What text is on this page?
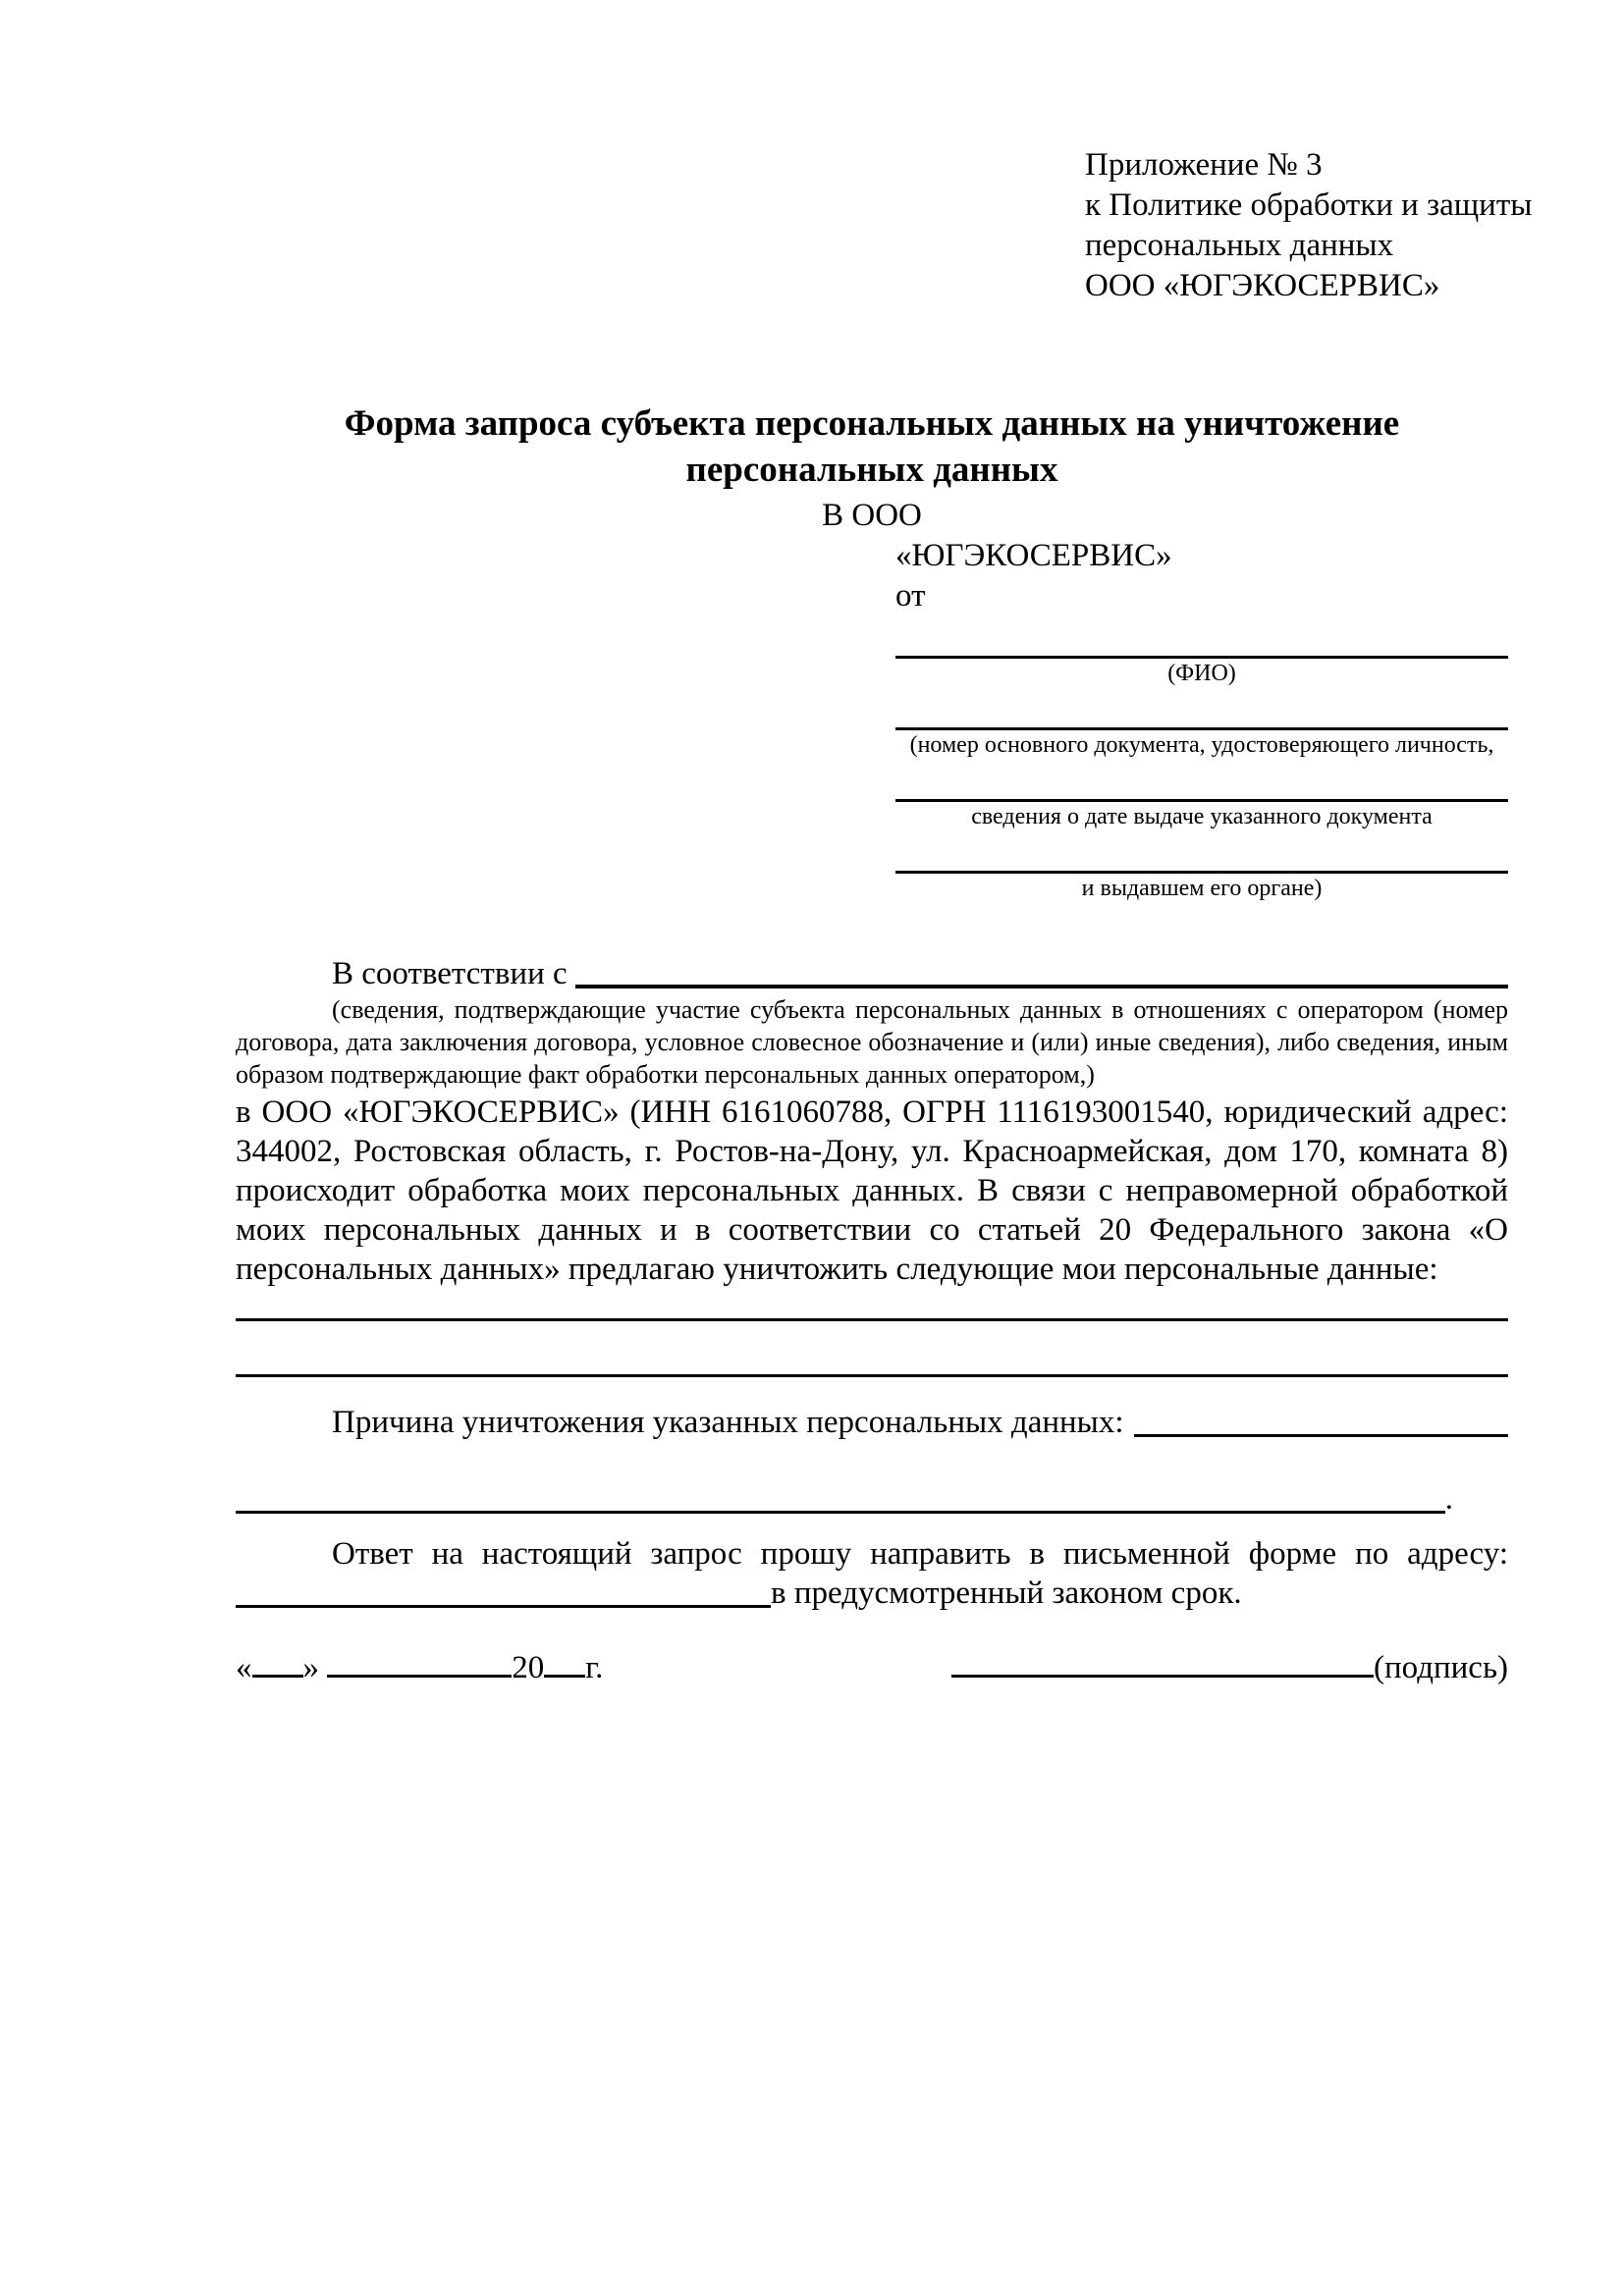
Приложение № 3
к Политике обработки и защиты
персональных данных
ООО «ЮГЭКОСЕРВИС»
Форма запроса субъекта персональных данных на уничтожение персональных данных
В ООО
«ЮГЭКОСЕРВИС»
от
(ФИО)
(номер основного документа, удостоверяющего личность,
сведения о дате выдаче указанного документа
и выдавшем его органе)
В соответствии с
(сведения, подтверждающие участие субъекта персональных данных в отношениях с оператором (номер договора, дата заключения договора, условное словесное обозначение и (или) иные сведения), либо сведения, иным образом подтверждающие факт обработки персональных данных оператором,)
в ООО «ЮГЭКОСЕРВИС» (ИНН 6161060788, ОГРН 1116193001540, юридический адрес: 344002, Ростовская область, г. Ростов-на-Дону, ул. Красноармейская, дом 170, комната 8) происходит обработка моих персональных данных. В связи с неправомерной обработкой моих персональных данных и в соответствии со статьей 20 Федерального закона «О персональных данных» предлагаю уничтожить следующие мои персональные данные:
Причина уничтожения указанных персональных данных:
.
Ответ на настоящий запрос прошу направить в письменной форме по адресу:
в предусмотренный законом срок.
« »	20 г.	(подпись)
